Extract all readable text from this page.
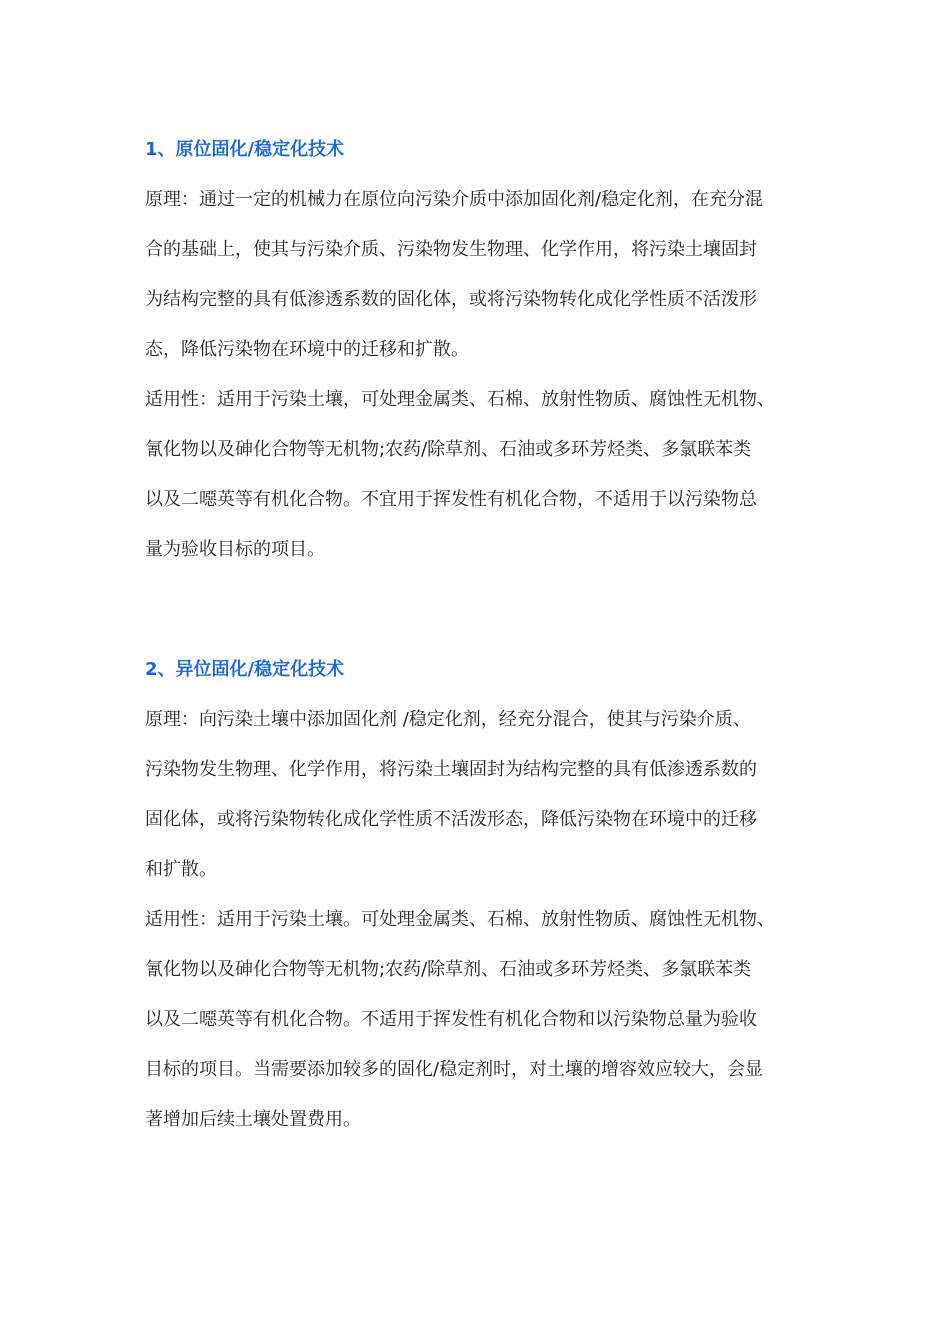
1、原位固化/稳定化技术

原理：通过一定的机械力在原位向污染介质中添加固化剂/稳定化剂，在充分混

合的基础上，使其与污染介质、污染物发生物理、化学作用，将污染土壤固封

为结构完整的具有低渗透系数的固化体，或将污染物转化成化学性质不活泼形

态，降低污染物在环境中的迁移和扩散。

适用性：适用于污染土壤，可处理金属类、石棉、放射性物质、腐蚀性无机物、

氰化物以及砷化合物等无机物;农药/除草剂、石油或多环芳烃类、多氯联苯类

以及二噁英等有机化合物。不宜用于挥发性有机化合物，不适用于以污染物总

量为验收目标的项目。

2、异位固化/稳定化技术

原理：向污染土壤中添加固化剂 /稳定化剂，经充分混合，使其与污染介质、

污染物发生物理、化学作用，将污染土壤固封为结构完整的具有低渗透系数的

固化体，或将污染物转化成化学性质不活泼形态，降低污染物在环境中的迁移

和扩散。

适用性：适用于污染土壤。可处理金属类、石棉、放射性物质、腐蚀性无机物、

氰化物以及砷化合物等无机物;农药/除草剂、石油或多环芳烃类、多氯联苯类

以及二噁英等有机化合物。不适用于挥发性有机化合物和以污染物总量为验收

目标的项目。当需要添加较多的固化/稳定剂时，对土壤的增容效应较大，会显

著增加后续土壤处置费用。
